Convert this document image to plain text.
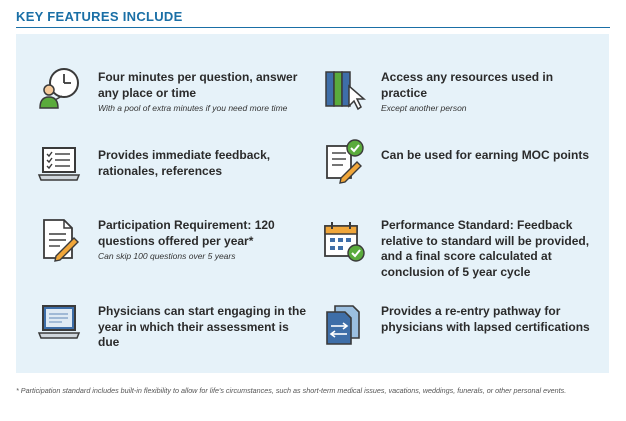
KEY FEATURES INCLUDE
Four minutes per question, answer any place or time
With a pool of extra minutes if you need more time
Access any resources used in practice
Except another person
Provides immediate feedback, rationales, references
Can be used for earning MOC points
Participation Requirement: 120 questions offered per year*
Can skip 100 questions over 5 years
Performance Standard: Feedback relative to standard will be provided, and a final score calculated at conclusion of 5 year cycle
Physicians can start engaging in the year in which their assessment is due
Provides a re-entry pathway for physicians with lapsed certifications
* Participation standard includes built-in flexibility to allow for life's circumstances, such as short-term medical issues, vacations, weddings, funerals, or other personal events.
